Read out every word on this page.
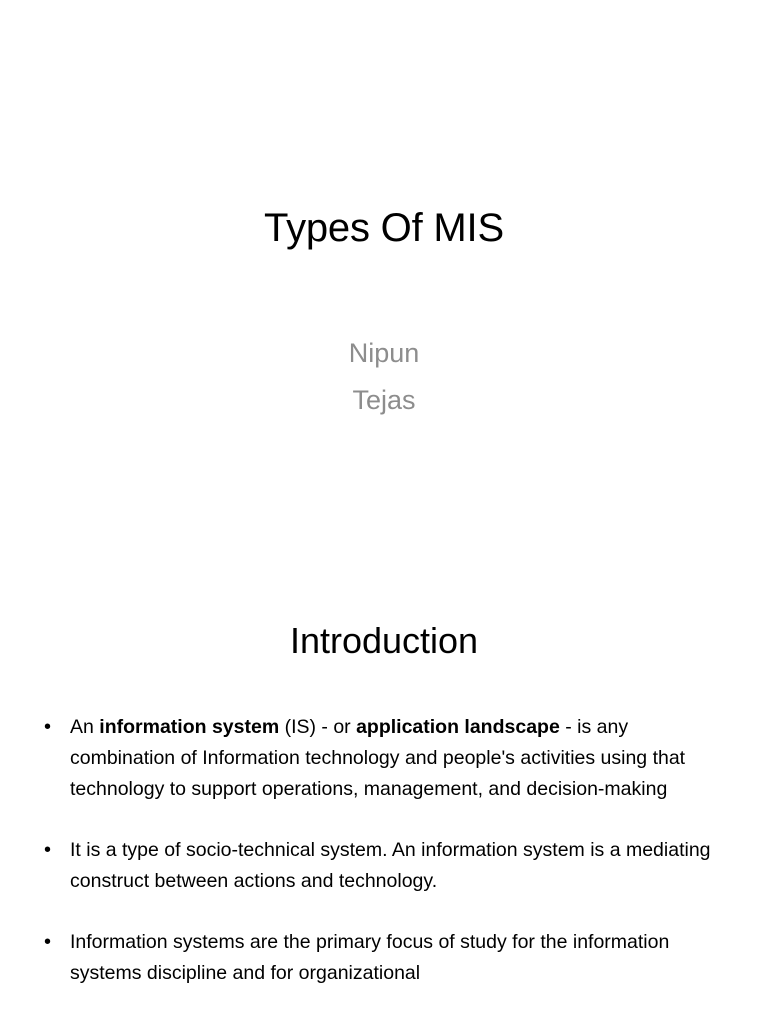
Types Of MIS
Nipun
Tejas
Introduction
• An information system (IS) - or application landscape - is any combination of Information technology and people's activities using that technology to support operations, management, and decision-making
• It is a type of socio-technical system. An information system is a mediating construct between actions and technology.
• Information systems are the primary focus of study for the information systems discipline and for organizational
